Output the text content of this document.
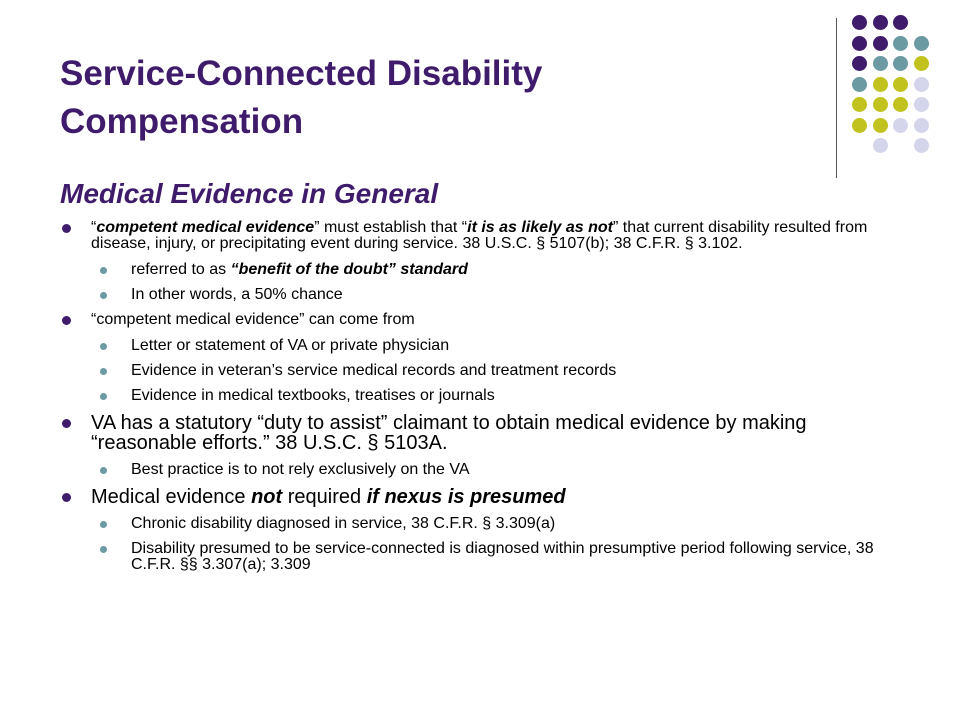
Service-Connected Disability
Compensation
Medical Evidence in General
“competent medical evidence” must establish that “it is as likely as not” that current disability resulted from disease, injury, or precipitating event during service. 38 U.S.C. § 5107(b); 38 C.F.R. § 3.102.
referred to as “benefit of the doubt” standard
In other words, a 50% chance
“competent medical evidence” can come from
Letter or statement of VA or private physician
Evidence in veteran’s service medical records and treatment records
Evidence in medical textbooks, treatises or journals
VA has a statutory “duty to assist” claimant to obtain medical evidence by making “reasonable efforts.” 38 U.S.C. § 5103A.
Best practice is to not rely exclusively on the VA
Medical evidence not required if nexus is presumed
Chronic disability diagnosed in service, 38 C.F.R. § 3.309(a)
Disability presumed to be service-connected is diagnosed within presumptive period following service, 38 C.F.R. §§ 3.307(a); 3.309
